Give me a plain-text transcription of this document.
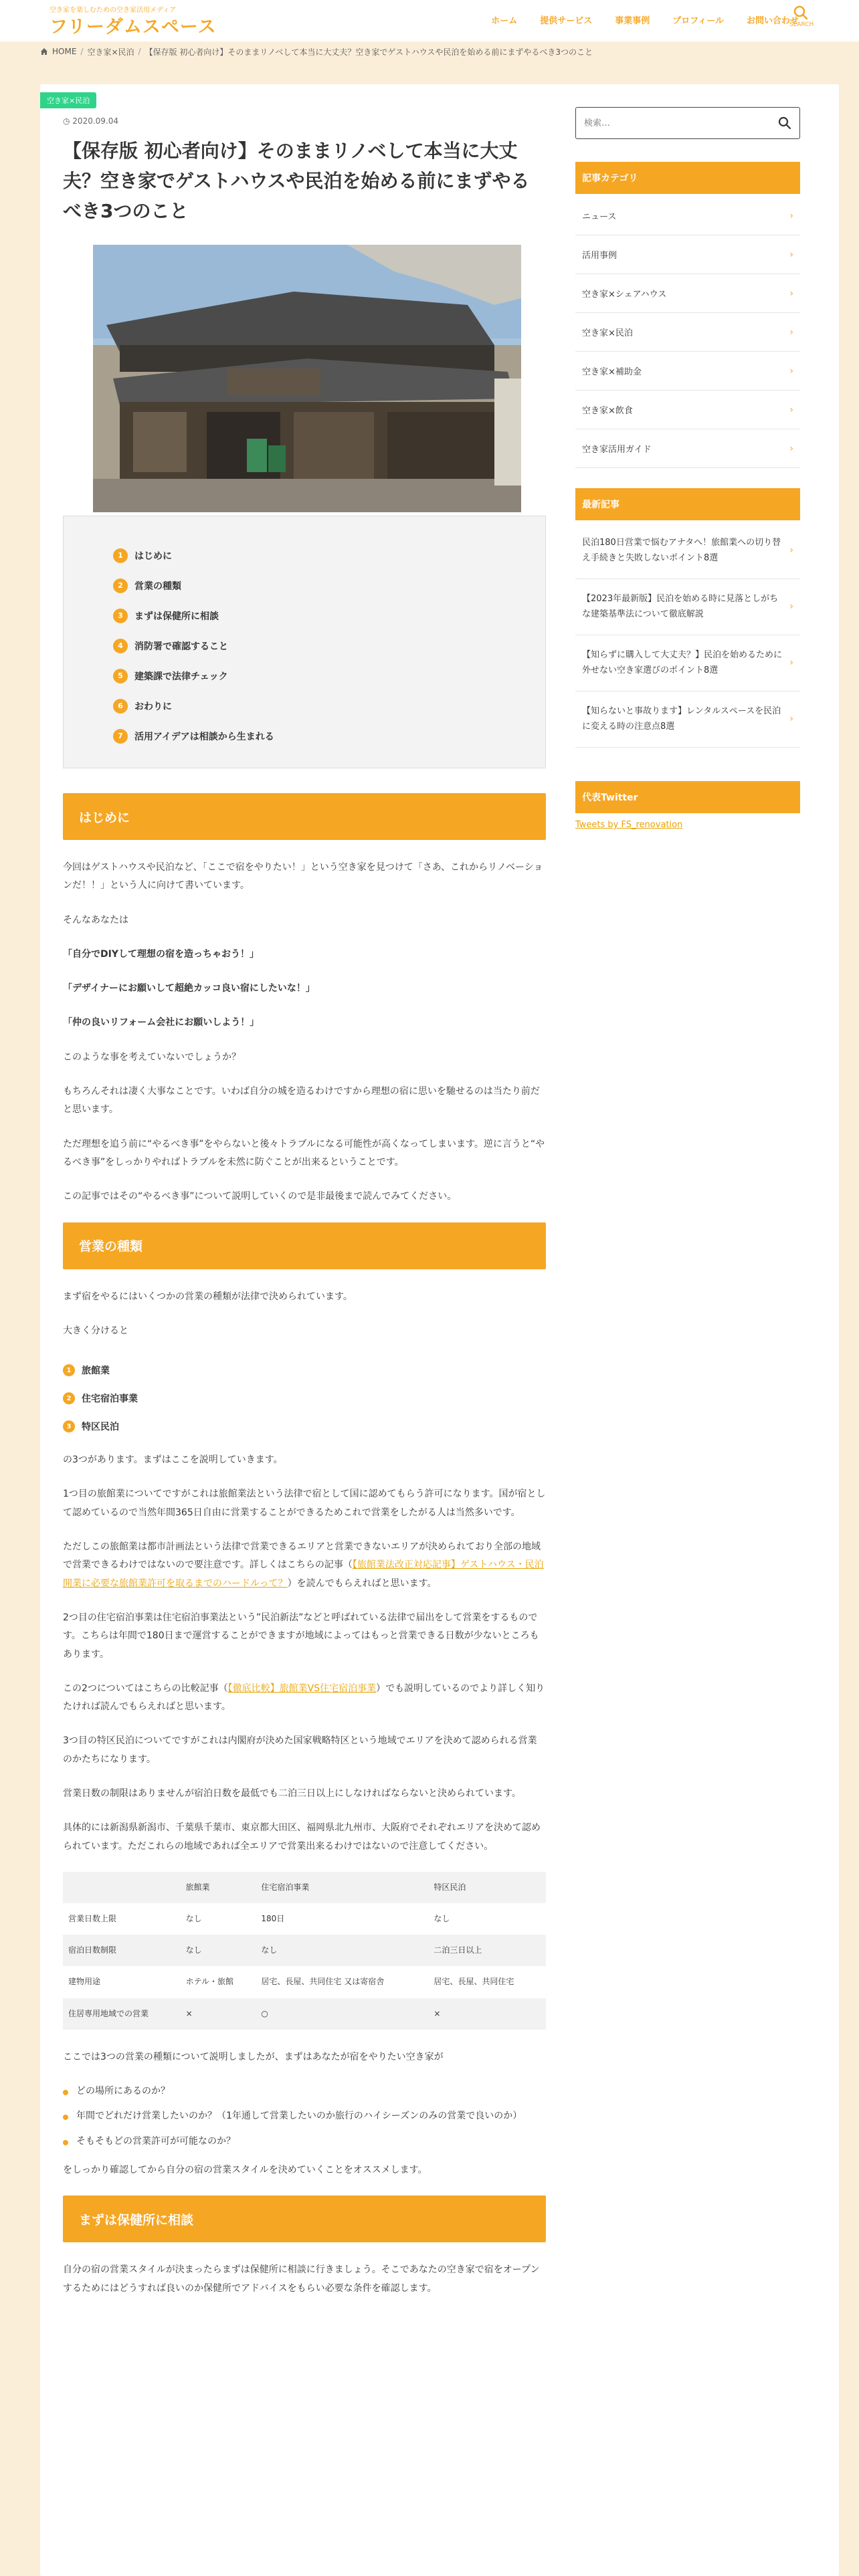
空き家を楽しむための空き家活用メディア
フリーダムスペース	ホーム	提供サービス	事業事例	プロフィール	お問い合わせ
SEARCH
HOME / 空き家×民泊 / 【保存版 初心者向け】そのままリノベして本当に大丈夫？空き家でゲストハウスや民泊を始める前にまずやるべき3つのこと
空き家×民泊
◷ 2020.09.04
【保存版 初心者向け】そのままリノベして本当に大丈夫？空き家でゲストハウスや民泊を始める前にまずやるべき3つのこと
1	はじめに
2	営業の種類
3	まずは保健所に相談
4	消防署で確認すること
5	建築課で法律チェック
6	おわりに
7	活用アイデアは相談から生まれる
はじめに

今回はゲストハウスや民泊など、「ここで宿をやりたい！」という空き家を見つけて「さあ、これからリノベーションだ！！」という人に向けて書いています。

そんなあなたは

「自分でDIYして理想の宿を造っちゃおう！」

「デザイナーにお願いして超絶カッコ良い宿にしたいな！」

「仲の良いリフォーム会社にお願いしよう！」

このような事を考えていないでしょうか？

もちろんそれは凄く大事なことです。いわば自分の城を造るわけですから理想の宿に思いを馳せるのは当たり前だと思います。

ただ理想を追う前に“やるべき事”をやらないと後々トラブルになる可能性が高くなってしまいます。逆に言うと“やるべき事”をしっかりやればトラブルを未然に防ぐことが出来るということです。

この記事ではその“やるべき事”について説明していくので是非最後まで読んでみてください。

営業の種類

まず宿をやるにはいくつかの営業の種類が法律で決められています。

大きく分けると

1	旅館業
2	住宅宿泊事業
3	特区民泊

の3つがあります。まずはここを説明していきます。

1つ目の旅館業についてですがこれは旅館業法という法律で宿として国に認めてもらう許可になります。国が宿として認めているので当然年間365日自由に営業することができるためこれで営業をしたがる人は当然多いです。

ただしこの旅館業は都市計画法という法律で営業できるエリアと営業できないエリアが決められており全部の地域で営業できるわけではないので要注意です。詳しくはこちらの記事（【旅館業法改正対応記事】ゲストハウス・民泊開業に必要な旅館業許可を取るまでのハードルって？）を読んでもらえればと思います。

2つ目の住宅宿泊事業は住宅宿泊事業法という”民泊新法”などと呼ばれている法律で届出をして営業をするものです。こちらは年間で180日まで運営することができますが地域によってはもっと営業できる日数が少ないところもあります。

この2つについてはこちらの比較記事（【徹底比較】旅館業VS住宅宿泊事業）でも説明しているのでより詳しく知りたければ読んでもらえればと思います。

3つ目の特区民泊についてですがこれは内閣府が決めた国家戦略特区という地域でエリアを決めて認められる営業のかたちになります。

営業日数の制限はありませんが宿泊日数を最低でも二泊三日以上にしなければならないと決められています。

具体的には新潟県新潟市、千葉県千葉市、東京都大田区、福岡県北九州市、大阪府でそれぞれエリアを決めて認められています。ただこれらの地域であれば全エリアで営業出来るわけではないので注意してください。

	旅館業	住宅宿泊事業	特区民泊
営業日数上限	なし	180日	なし
宿泊日数制限	なし	なし	二泊三日以上
建物用途	ホテル・旅館	居宅、長屋、共同住宅 又は寄宿舎	居宅、長屋、共同住宅
住居専用地域での営業	×	○	×

ここでは3つの営業の種類について説明しましたが、まずはあなたが宿をやりたい空き家が

どの場所にあるのか？
年間でどれだけ営業したいのか？（1年通して営業したいのか旅行のハイシーズンのみの営業で良いのか）
そもそもどの営業許可が可能なのか？

をしっかり確認してから自分の宿の営業スタイルを決めていくことをオススメします。

まずは保健所に相談

自分の宿の営業スタイルが決まったらまずは保健所に相談に行きましょう。そこであなたの空き家で宿をオープンするためにはどうすれば良いのか保健所でアドバイスをもらい必要な条件を確認します。

検索…
記事カテゴリ
ニュース	›
活用事例	›
空き家×シェアハウス	›
空き家×民泊	›
空き家×補助金	›
空き家×飲食	›
空き家活用ガイド	›
最新記事
民泊180日営業で悩むアナタへ！旅館業への切り替え手続きと失敗しないポイント8選
›
【2023年最新版】民泊を始める時に見落としがちな建築基準法について徹底解説
›
【知らずに購入して大丈夫？】民泊を始めるために外せない空き家選びのポイント8選
›
【知らないと事故ります】レンタルスペースを民泊に変える時の注意点8選
›
代表Twitter
Tweets by FS_renovation
